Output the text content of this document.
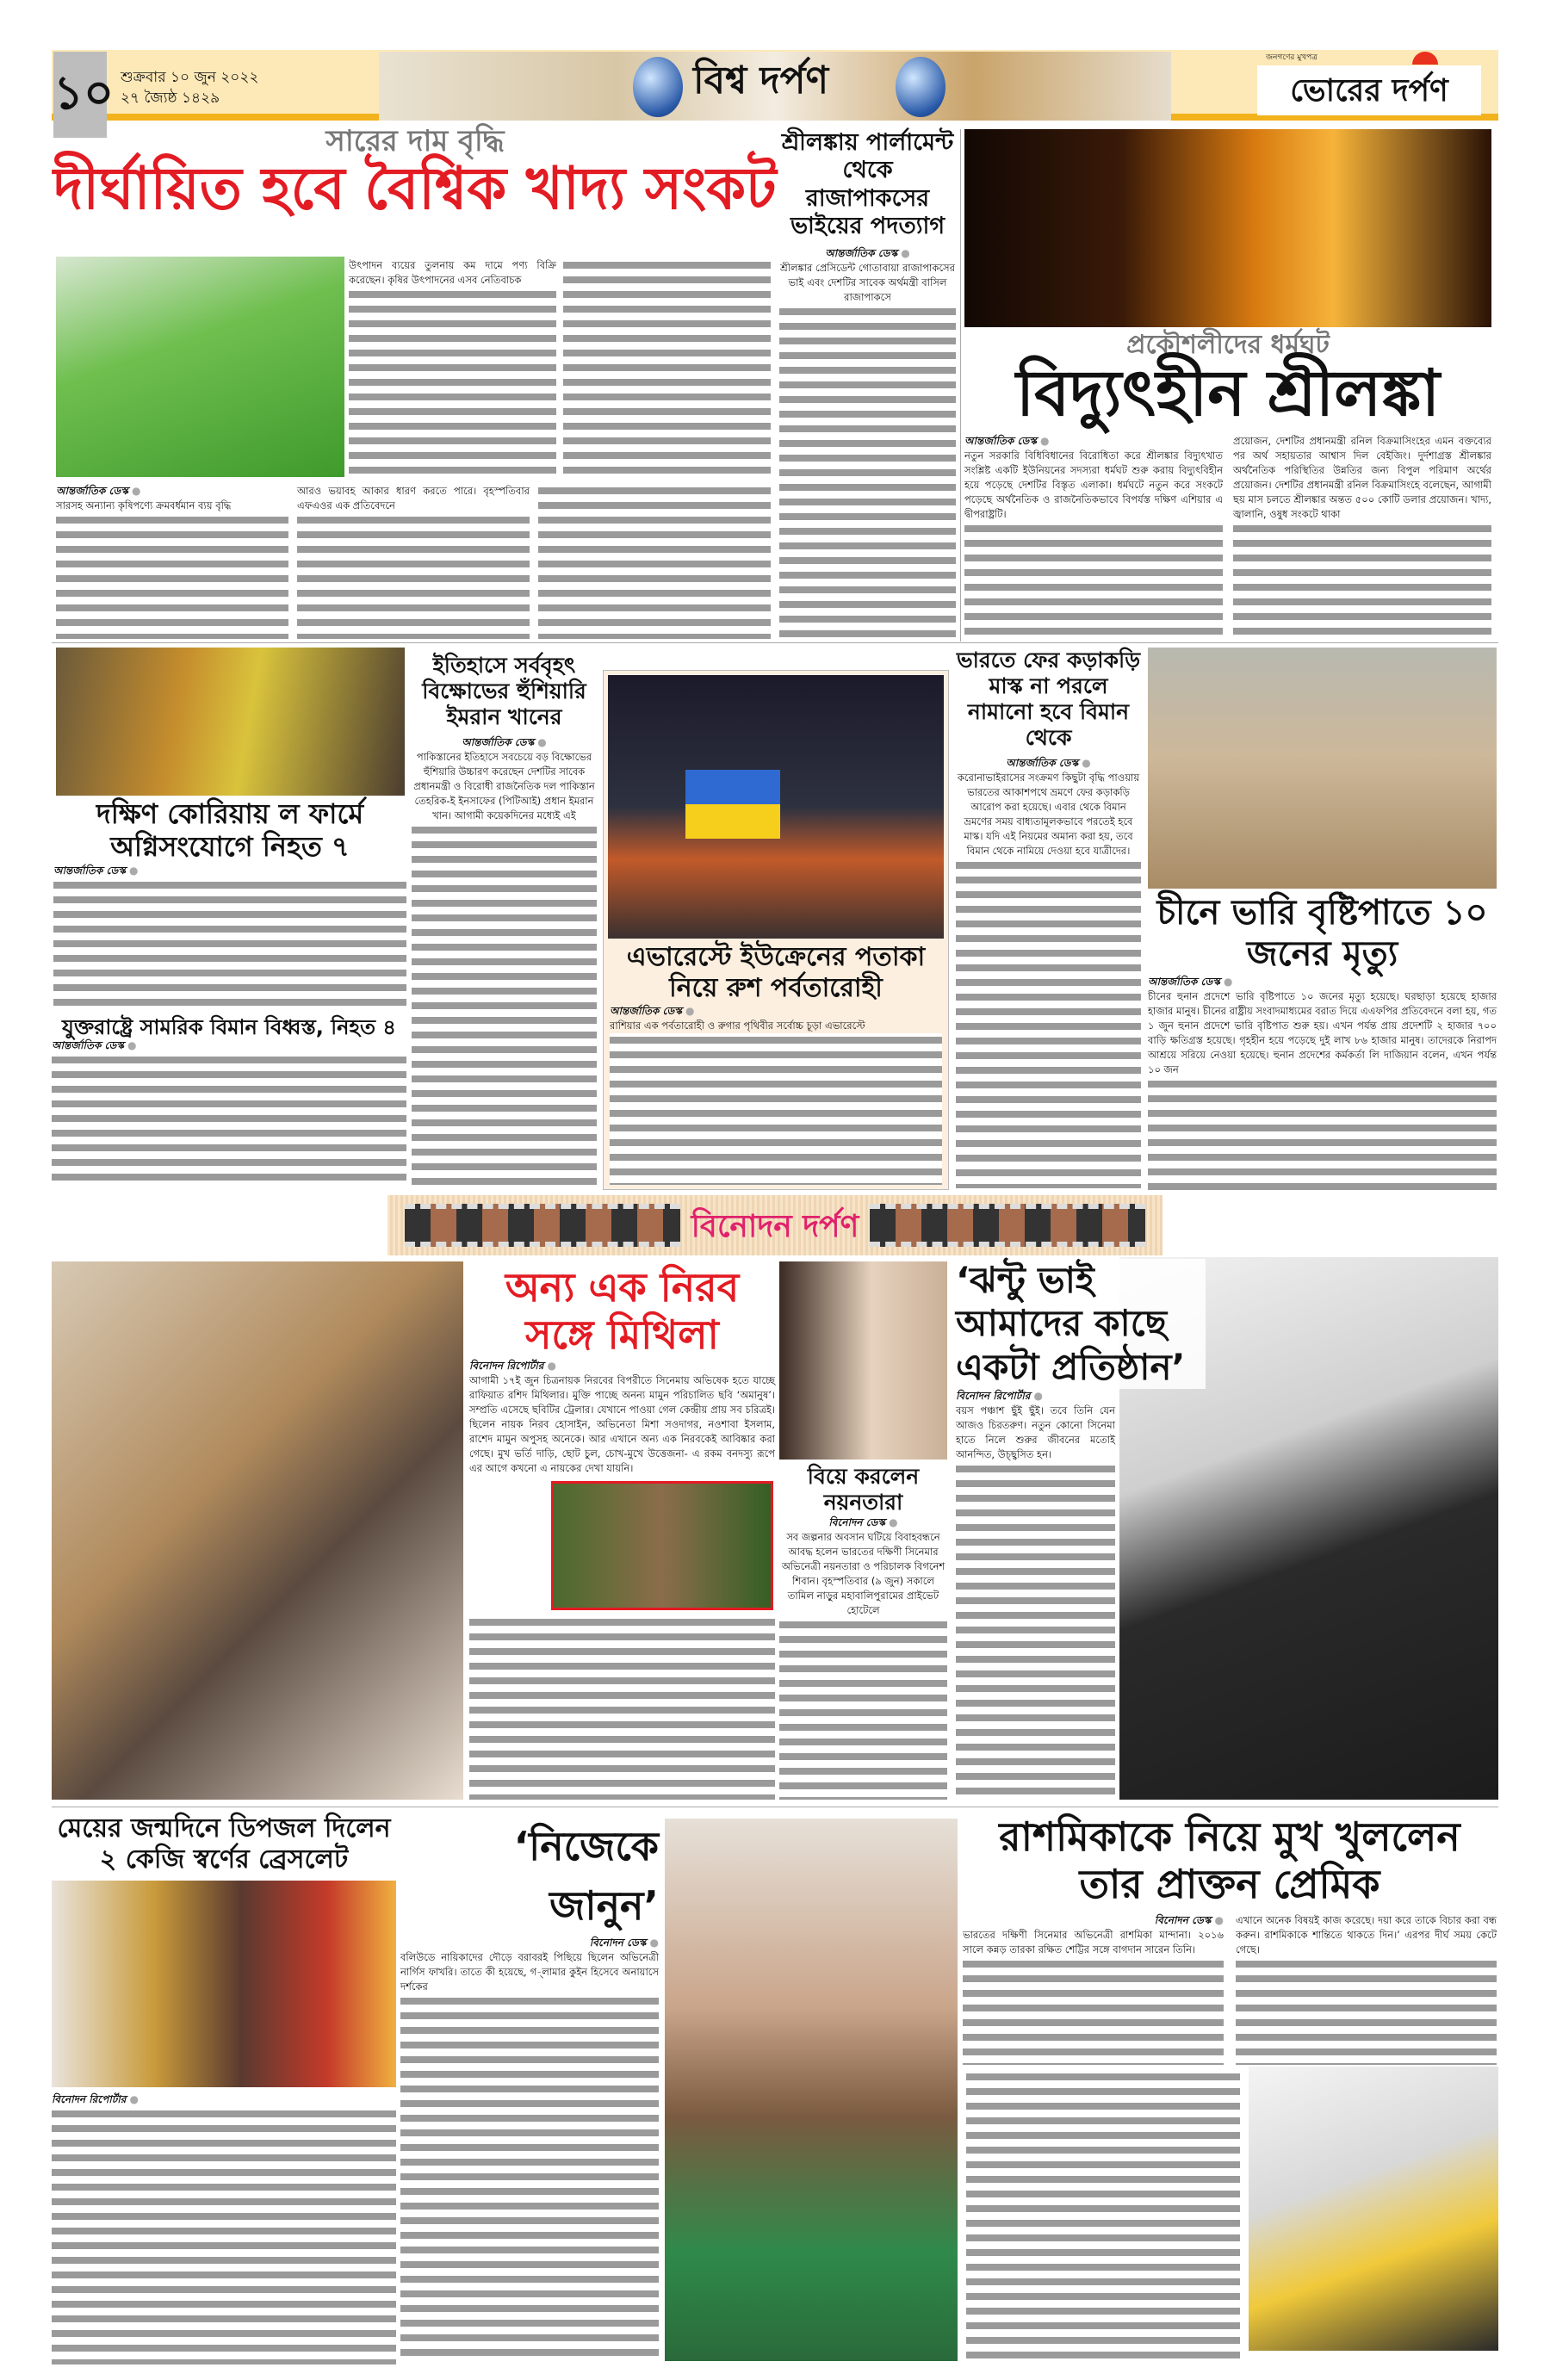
১০ শুক্রবার ১০ জুন ২০২২
২৭ জ্যৈষ্ঠ ১৪২৯	বিশ্ব দর্পণ	ভোরের দর্পণ
জনগণের মুখপত্র
সারের দাম বৃদ্ধি
দীর্ঘায়িত হবে বৈশ্বিক খাদ্য সংকট
উৎপাদন ব্যয়ের তুলনায় কম দামে পণ্য বিক্রি করেছেন। কৃষির উৎপাদনের এসব নেতিবাচক
আন্তর্জাতিক ডেস্ক ●
সারসহ অন্যান্য কৃষিপণ্যে ক্রমবর্ধমান ব্যয় বৃদ্ধি
আরও ভয়াবহ আকার ধারণ করতে পারে। বৃহস্পতিবার এফএওর এক প্রতিবেদনে
শ্রীলঙ্কায় পার্লামেন্ট থেকে রাজাপাকসের ভাইয়ের পদত্যাগ
আন্তর্জাতিক ডেস্ক ●
শ্রীলঙ্কার প্রেসিডেন্ট গোতাবায়া রাজাপাকসের ভাই এবং দেশটির সাবেক অর্থমন্ত্রী বাসিল রাজাপাকসে
প্রকৌশলীদের ধর্মঘট
বিদ্যুৎহীন শ্রীলঙ্কা
আন্তর্জাতিক ডেস্ক ●
নতুন সরকারি বিধিবিধানের বিরোধিতা করে শ্রীলঙ্কার বিদ্যুৎখাত সংশ্লিষ্ট একটি ইউনিয়নের সদস্যরা ধর্মঘট শুরু করায় বিদ্যুৎবিহীন হয়ে পড়েছে দেশটির বিস্তৃত এলাকা। ধর্মঘটে নতুন করে সংকটে পড়েছে অর্থনৈতিক ও রাজনৈতিকভাবে বিপর্যস্ত দক্ষিণ এশিয়ার এ দ্বীপরাষ্ট্রটি।
প্রয়োজন, দেশটির প্রধানমন্ত্রী রনিল বিক্রমাসিংহের এমন বক্তব্যের পর অর্থ সহায়তার আশ্বাস দিল বেইজিং। দুর্দশাগ্রস্ত শ্রীলঙ্কার অর্থনৈতিক পরিস্থিতির উন্নতির জন্য বিপুল পরিমাণ অর্থের প্রয়োজন। দেশটির প্রধানমন্ত্রী রনিল বিক্রমাসিংহে বলেছেন, আগামী ছয় মাস চলতে শ্রীলঙ্কার অন্তত ৫০০ কোটি ডলার প্রয়োজন। খাদ্য, জ্বালানি, ওষুধ সংকটে থাকা
দক্ষিণ কোরিয়ায় ল ফার্মে অগ্নিসংযোগে নিহত ৭
আন্তর্জাতিক ডেস্ক ●
যুক্তরাষ্ট্রে সামরিক বিমান বিধ্বস্ত, নিহত ৪
আন্তর্জাতিক ডেস্ক ●
ইতিহাসে সর্ববৃহৎ বিক্ষোভের হুঁশিয়ারি ইমরান খানের
আন্তর্জাতিক ডেস্ক ●
পাকিস্তানের ইতিহাসে সবচেয়ে বড় বিক্ষোভের হুঁশিয়ারি উচ্চারণ করেছেন দেশটির সাবেক প্রধানমন্ত্রী ও বিরোধী রাজনৈতিক দল পাকিস্তান তেহরিক-ই ইনসাফের (পিটিআই) প্রধান ইমরান খান। আগামী কয়েকদিনের মধ্যেই এই
এভারেস্টে ইউক্রেনের পতাকা নিয়ে রুশ পর্বতারোহী
আন্তর্জাতিক ডেস্ক ●
রাশিয়ার এক পর্বতারোহী ও রুগার পৃথিবীর সর্বোচ্চ চূড়া এভারেস্টে
ভারতে ফের কড়াকড়ি মাস্ক না পরলে নামানো হবে বিমান থেকে
আন্তর্জাতিক ডেস্ক ●
করোনাভাইরাসের সংক্রমণ কিছুটা বৃদ্ধি পাওয়ায় ভারতের আকাশপথে ভ্রমণে ফের কড়াকড়ি আরোপ করা হয়েছে। এবার থেকে বিমান ভ্রমণের সময় বাধ্যতামূলকভাবে পরতেই হবে মাস্ক। যদি এই নিয়মের অমান্য করা হয়, তবে বিমান থেকে নামিয়ে দেওয়া হবে যাত্রীদের।
চীনে ভারি বৃষ্টিপাতে ১০ জনের মৃত্যু
আন্তর্জাতিক ডেস্ক ●
চীনের হুনান প্রদেশে ভারি বৃষ্টিপাতে ১০ জনের মৃত্যু হয়েছে। ঘরছাড়া হয়েছে হাজার হাজার মানুষ। চীনের রাষ্ট্রীয় সংবাদমাধ্যমের বরাত দিয়ে এএফপির প্রতিবেদনে বলা হয়, গত ১ জুন হুনান প্রদেশে ভারি বৃষ্টিপাত শুরু হয়। এখন পর্যন্ত প্রায় প্রদেশটি ২ হাজার ৭০০ বাড়ি ক্ষতিগ্রস্ত হয়েছে। গৃহহীন হয়ে পড়েছে দুই লাখ ৮৬ হাজার মানুষ। তাদেরকে নিরাপদ আশ্রয়ে সরিয়ে নেওয়া হয়েছে। হুনান প্রদেশের কর্মকর্তা লি দাজিয়ান বলেন, এখন পর্যন্ত ১০ জন
বিনোদন দর্পণ
অন্য এক নিরব সঙ্গে মিথিলা
বিনোদন রিপোর্টার ●
আগামী ১৭ই জুন চিত্রনায়ক নিরবের বিপরীতে সিনেমায় অভিষেক হতে যাচ্ছে রাফিয়াত রশিদ মিথিলার। মুক্তি পাচ্ছে অনন্য মামুন পরিচালিত ছবি ‘অমানুষ’। সম্প্রতি এসেছে ছবিটির ট্রেলার। যেখানে পাওয়া গেল কেন্দ্রীয় প্রায় সব চরিত্রই। ছিলেন নায়ক নিরব হোসাইন, অভিনেতা মিশা সওদাগর, নওশাবা ইসলাম, রাশেদ মামুন অপুসহ অনেকে। আর এখানে অন্য এক নিরবকেই আবিষ্কার করা গেছে। মুখ ভর্তি দাড়ি, ছোট চুল, চোখ-মুখে উত্তেজনা- এ রকম বনদস্যু রূপে এর আগে কখনো এ নায়কের দেখা যায়নি।	বিয়ে করলেন নয়নতারা
বিনোদন ডেস্ক ●
সব জল্পনার অবসান ঘটিয়ে বিবাহবন্ধনে আবদ্ধ হলেন ভারতের দক্ষিণী সিনেমার অভিনেত্রী নয়নতারা ও পরিচালক বিগনেশ শিবান। বৃহস্পতিবার (৯ জুন) সকালে তামিল নাড়ুর মহাবালিপুরামের প্রাইভেট হোটেলে
‘ঝন্টু ভাই আমাদের কাছে একটা প্রতিষ্ঠান’
বিনোদন রিপোর্টার ●
বয়স পঞ্চাশ ছুঁই ছুঁই। তবে তিনি যেন আজও চিরতরুণ। নতুন কোনো সিনেমা হাতে নিলে শুরুর জীবনের মতোই আনন্দিত, উচ্ছ্বসিত হন।
মেয়ের জন্মদিনে ডিপজল দিলেন ২ কেজি স্বর্ণের ব্রেসলেট
বিনোদন রিপোর্টার ●
‘নিজেকে জানুন’
বিনোদন ডেস্ক ●
বলিউডে নায়িকাদের দৌড়ে বরাবরই পিছিয়ে ছিলেন অভিনেত্রী নার্গিস ফাখরি। তাতে কী হয়েছে, গ-্লামার কুইন হিসেবে অনায়াসে দর্শকের
রাশমিকাকে নিয়ে মুখ খুললেন তার প্রাক্তন প্রেমিক
বিনোদন ডেস্ক ●
ভারতের দক্ষিণী সিনেমার অভিনেত্রী রাশমিকা মান্দানা। ২০১৬ সালে কন্নড় তারকা রক্ষিত শেট্টির সঙ্গে বাগদান সারেন তিনি।
এখানে অনেক বিষয়ই কাজ করেছে। দয়া করে তাকে বিচার করা বন্ধ করুন। রাশমিকাকে শান্তিতে থাকতে দিন।’ এরপর দীর্ঘ সময় কেটে গেছে।
